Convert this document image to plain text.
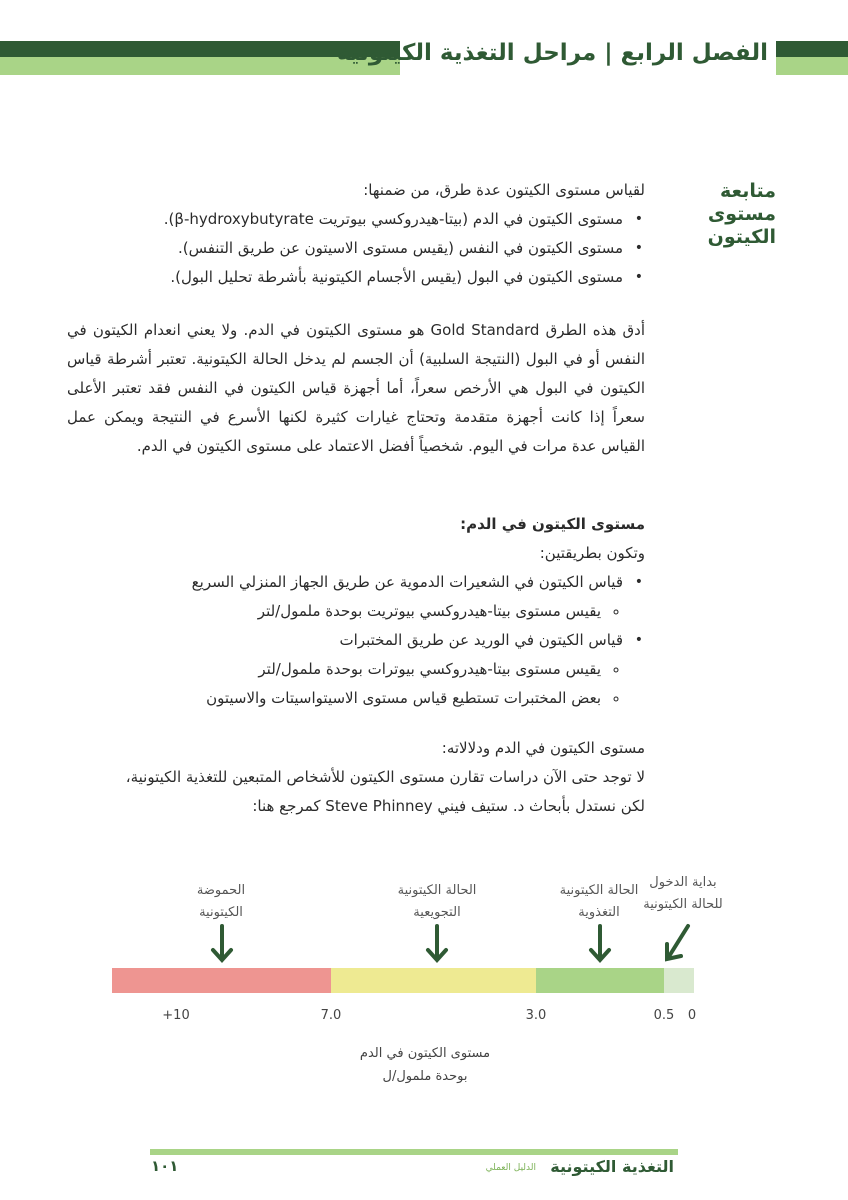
الفصل الرابع | مراحل التغذية الكيتونية
متابعة مستوى الكيتون

لقياس مستوى الكيتون عدة طرق، من ضمنها:

• مستوى الكيتون في الدم (بيتا-هيدروكسي بيوتريت β-hydroxybutyrate).
• مستوى الكيتون في النفس (يقيس مستوى الاسيتون عن طريق التنفس).
• مستوى الكيتون في البول (يقيس الأجسام الكيتونية بأشرطة تحليل البول).

أدق هذه الطرق Gold Standard هو مستوى الكيتون في الدم. ولا يعني انعدام الكيتون في النفس أو في البول (النتيجة السلبية) أن الجسم لم يدخل الحالة الكيتونية. تعتبر أشرطة قياس الكيتون في البول هي الأرخص سعراً، أما أجهزة قياس الكيتون في النفس فقد تعتبر الأعلى سعراً إذا كانت أجهزة متقدمة وتحتاج غيارات كثيرة لكنها الأسرع في النتيجة ويمكن عمل القياس عدة مرات في اليوم. شخصياً أفضل الاعتماد على مستوى الكيتون في الدم.

مستوى الكيتون في الدم:

وتكون بطريقتين:

• قياس الكيتون في الشعيرات الدموية عن طريق الجهاز المنزلي السريع
∘ يقيس مستوى بيتا-هيدروكسي بيوتريت بوحدة ملمول/لتر
• قياس الكيتون في الوريد عن طريق المختبرات
∘ يقيس مستوى بيتا-هيدروكسي بيوترات بوحدة ملمول/لتر
∘ بعض المختبرات تستطيع قياس مستوى الاسيتواسيتات والاسيتون

مستوى الكيتون في الدم ودلالاته:

لا توجد حتى الآن دراسات تقارن مستوى الكيتون للأشخاص المتبعين للتغذية الكيتونية،

لكن نستدل بأبحاث د. ستيف فيني Steve Phinney كمرجع هنا:

بداية الدخول
للحالة الكيتونية
الحالة الكيتونية
التغذوية
الحالة الكيتونية
التجويعية
الحموضة
الكيتونية
0
0.5
3.0
7.0
+10
مستوى الكيتون في الدم
بوحدة ملمول/ل
التغذية الكيتونية
الدليل العملي
١٠١
